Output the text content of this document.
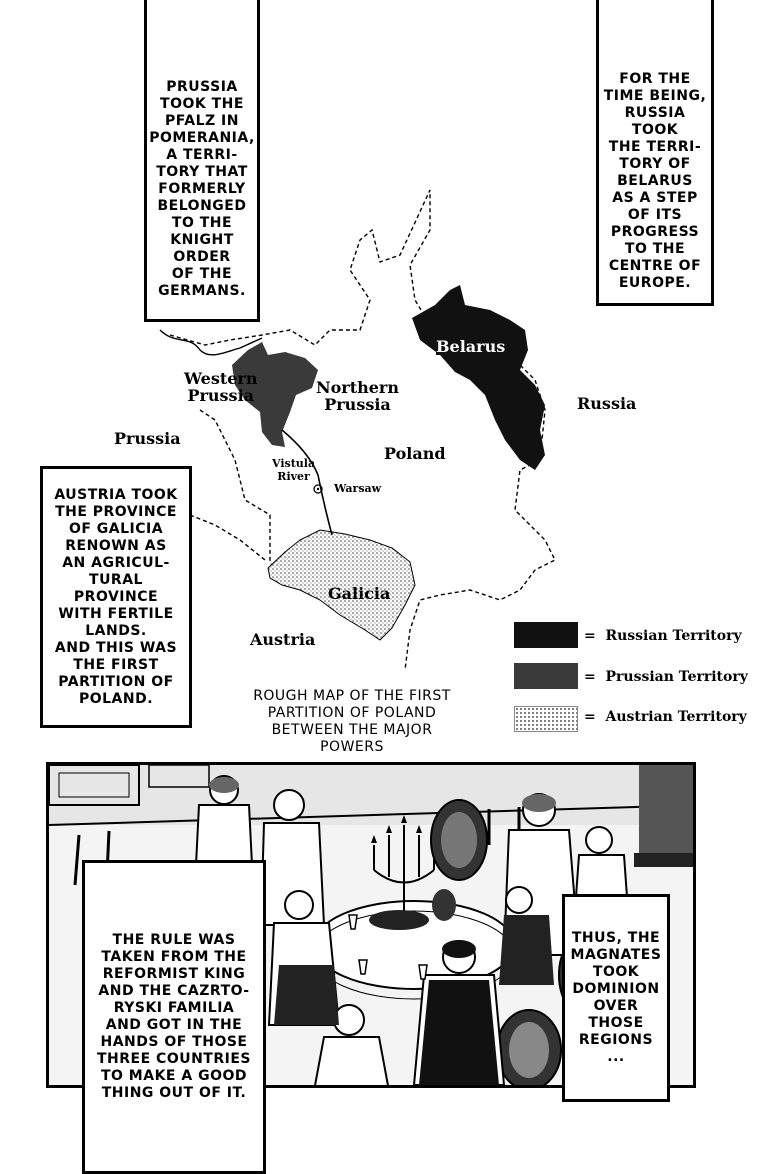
Belarus
Western
Prussia	Northern
Prussia	Russia
Prussia
Poland
Vistula
River
Warsaw
Galicia
Austria	=  Russian Territory
=  Prussian Territory
=  Austrian Territory
ROUGH MAP OF THE FIRST
PARTITION OF POLAND
BETWEEN THE MAJOR
POWERS
PRUSSIA
TOOK THE
PFALZ IN
POMERANIA,
A TERRI-
TORY THAT
FORMERLY
BELONGED
TO THE
KNIGHT
ORDER
OF THE
GERMANS.
FOR THE
TIME BEING,
RUSSIA
TOOK
THE TERRI-
TORY OF
BELARUS
AS A STEP
OF ITS
PROGRESS
TO THE
CENTRE OF
EUROPE.
AUSTRIA TOOK
THE PROVINCE
OF GALICIA
RENOWN AS
AN AGRICUL-
TURAL
PROVINCE
WITH FERTILE
LANDS.
AND THIS WAS
THE FIRST
PARTITION OF
POLAND.
THE RULE WAS
TAKEN FROM THE
REFORMIST KING
AND THE CAZRTO-
RYSKI FAMILIA
AND GOT IN THE
HANDS OF THOSE
THREE COUNTRIES
TO MAKE A GOOD
THING OUT OF IT.
THUS, THE
MAGNATES
TOOK
DOMINION
OVER
THOSE
REGIONS
...
